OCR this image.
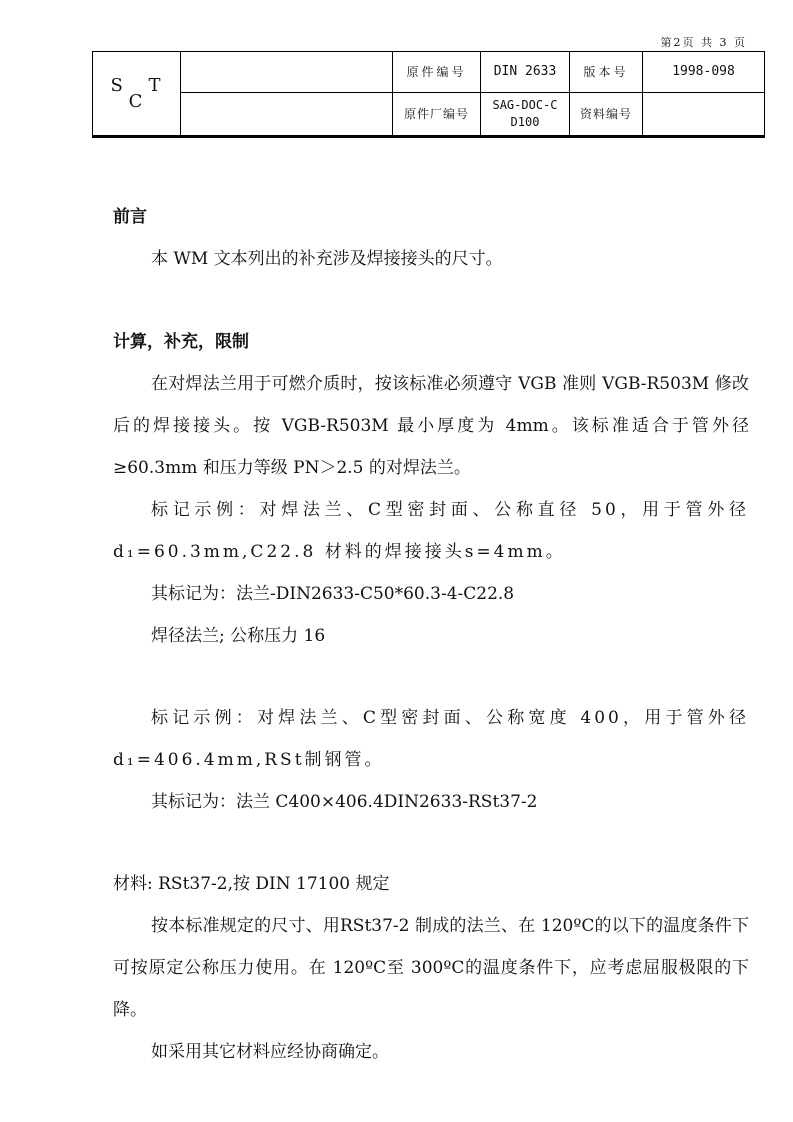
第2页 共 3 页
S T C		原件编号	DIN 2633	版本号	1998-098
		原件厂编号	SAG-DOC-C D100	资料编号	

前言

本 WM 文本列出的补充涉及焊接接头的尺寸。

计算，补充，限制

在对焊法兰用于可燃介质时，按该标准必须遵守 VGB 准则 VGB-R503M 修改后的焊接接头。按 VGB-R503M 最小厚度为 4mm。该标准适合于管外径≥60.3mm 和压力等级 PN＞2.5 的对焊法兰。

标记示例：对焊法兰、C型密封面、公称直径 50，用于管外径 d₁=60.3mm,C22.8 材料的焊接接头s=4mm。

其标记为：法兰-DIN2633-C50*60.3-4-C22.8

焊径法兰; 公称压力 16

标记示例：对焊法兰、C型密封面、公称宽度 400，用于管外径 d₁=406.4mm,RSt制钢管。

其标记为：法兰 C400×406.4DIN2633-RSt37-2

材料: RSt37-2,按 DIN 17100 规定

按本标准规定的尺寸、用RSt37-2 制成的法兰、在 120ºC的以下的温度条件下可按原定公称压力使用。在 120ºC至 300ºC的温度条件下，应考虑屈服极限的下降。

如采用其它材料应经协商确定。
